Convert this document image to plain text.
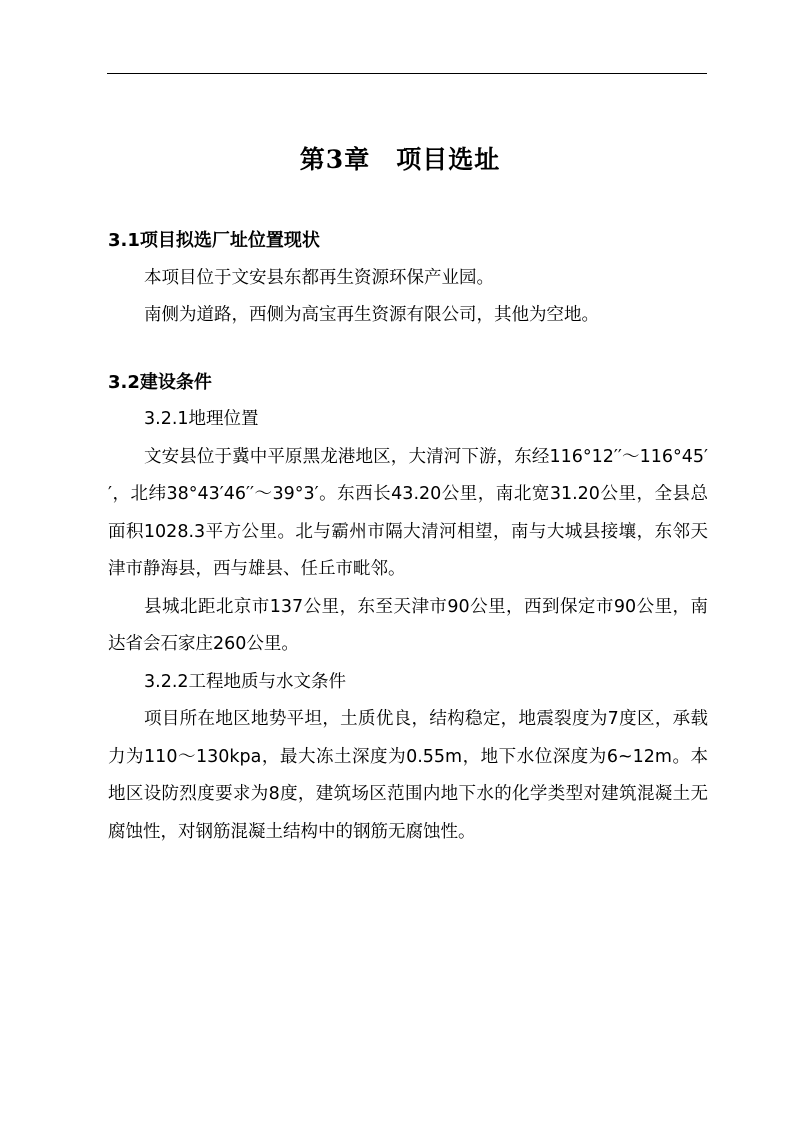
第3章　项目选址
3.1项目拟选厂址位置现状
本项目位于文安县东都再生资源环保产业园。
南侧为道路，西侧为高宝再生资源有限公司，其他为空地。
3.2建设条件
3.2.1地理位置
文安县位于冀中平原黑龙港地区，大清河下游，东经116°12′′～116°45′′，北纬38°43′46′′～39°3′。东西长43.20公里，南北宽31.20公里，全县总面积1028.3平方公里。北与霸州市隔大清河相望，南与大城县接壤，东邻天津市静海县，西与雄县、任丘市毗邻。
县城北距北京市137公里，东至天津市90公里，西到保定市90公里，南达省会石家庄260公里。
3.2.2工程地质与水文条件
项目所在地区地势平坦，土质优良，结构稳定，地震裂度为7度区，承载力为110～130kpa，最大冻土深度为0.55m，地下水位深度为6~12m。本地区设防烈度要求为8度，建筑场区范围内地下水的化学类型对建筑混凝土无腐蚀性，对钢筋混凝土结构中的钢筋无腐蚀性。
